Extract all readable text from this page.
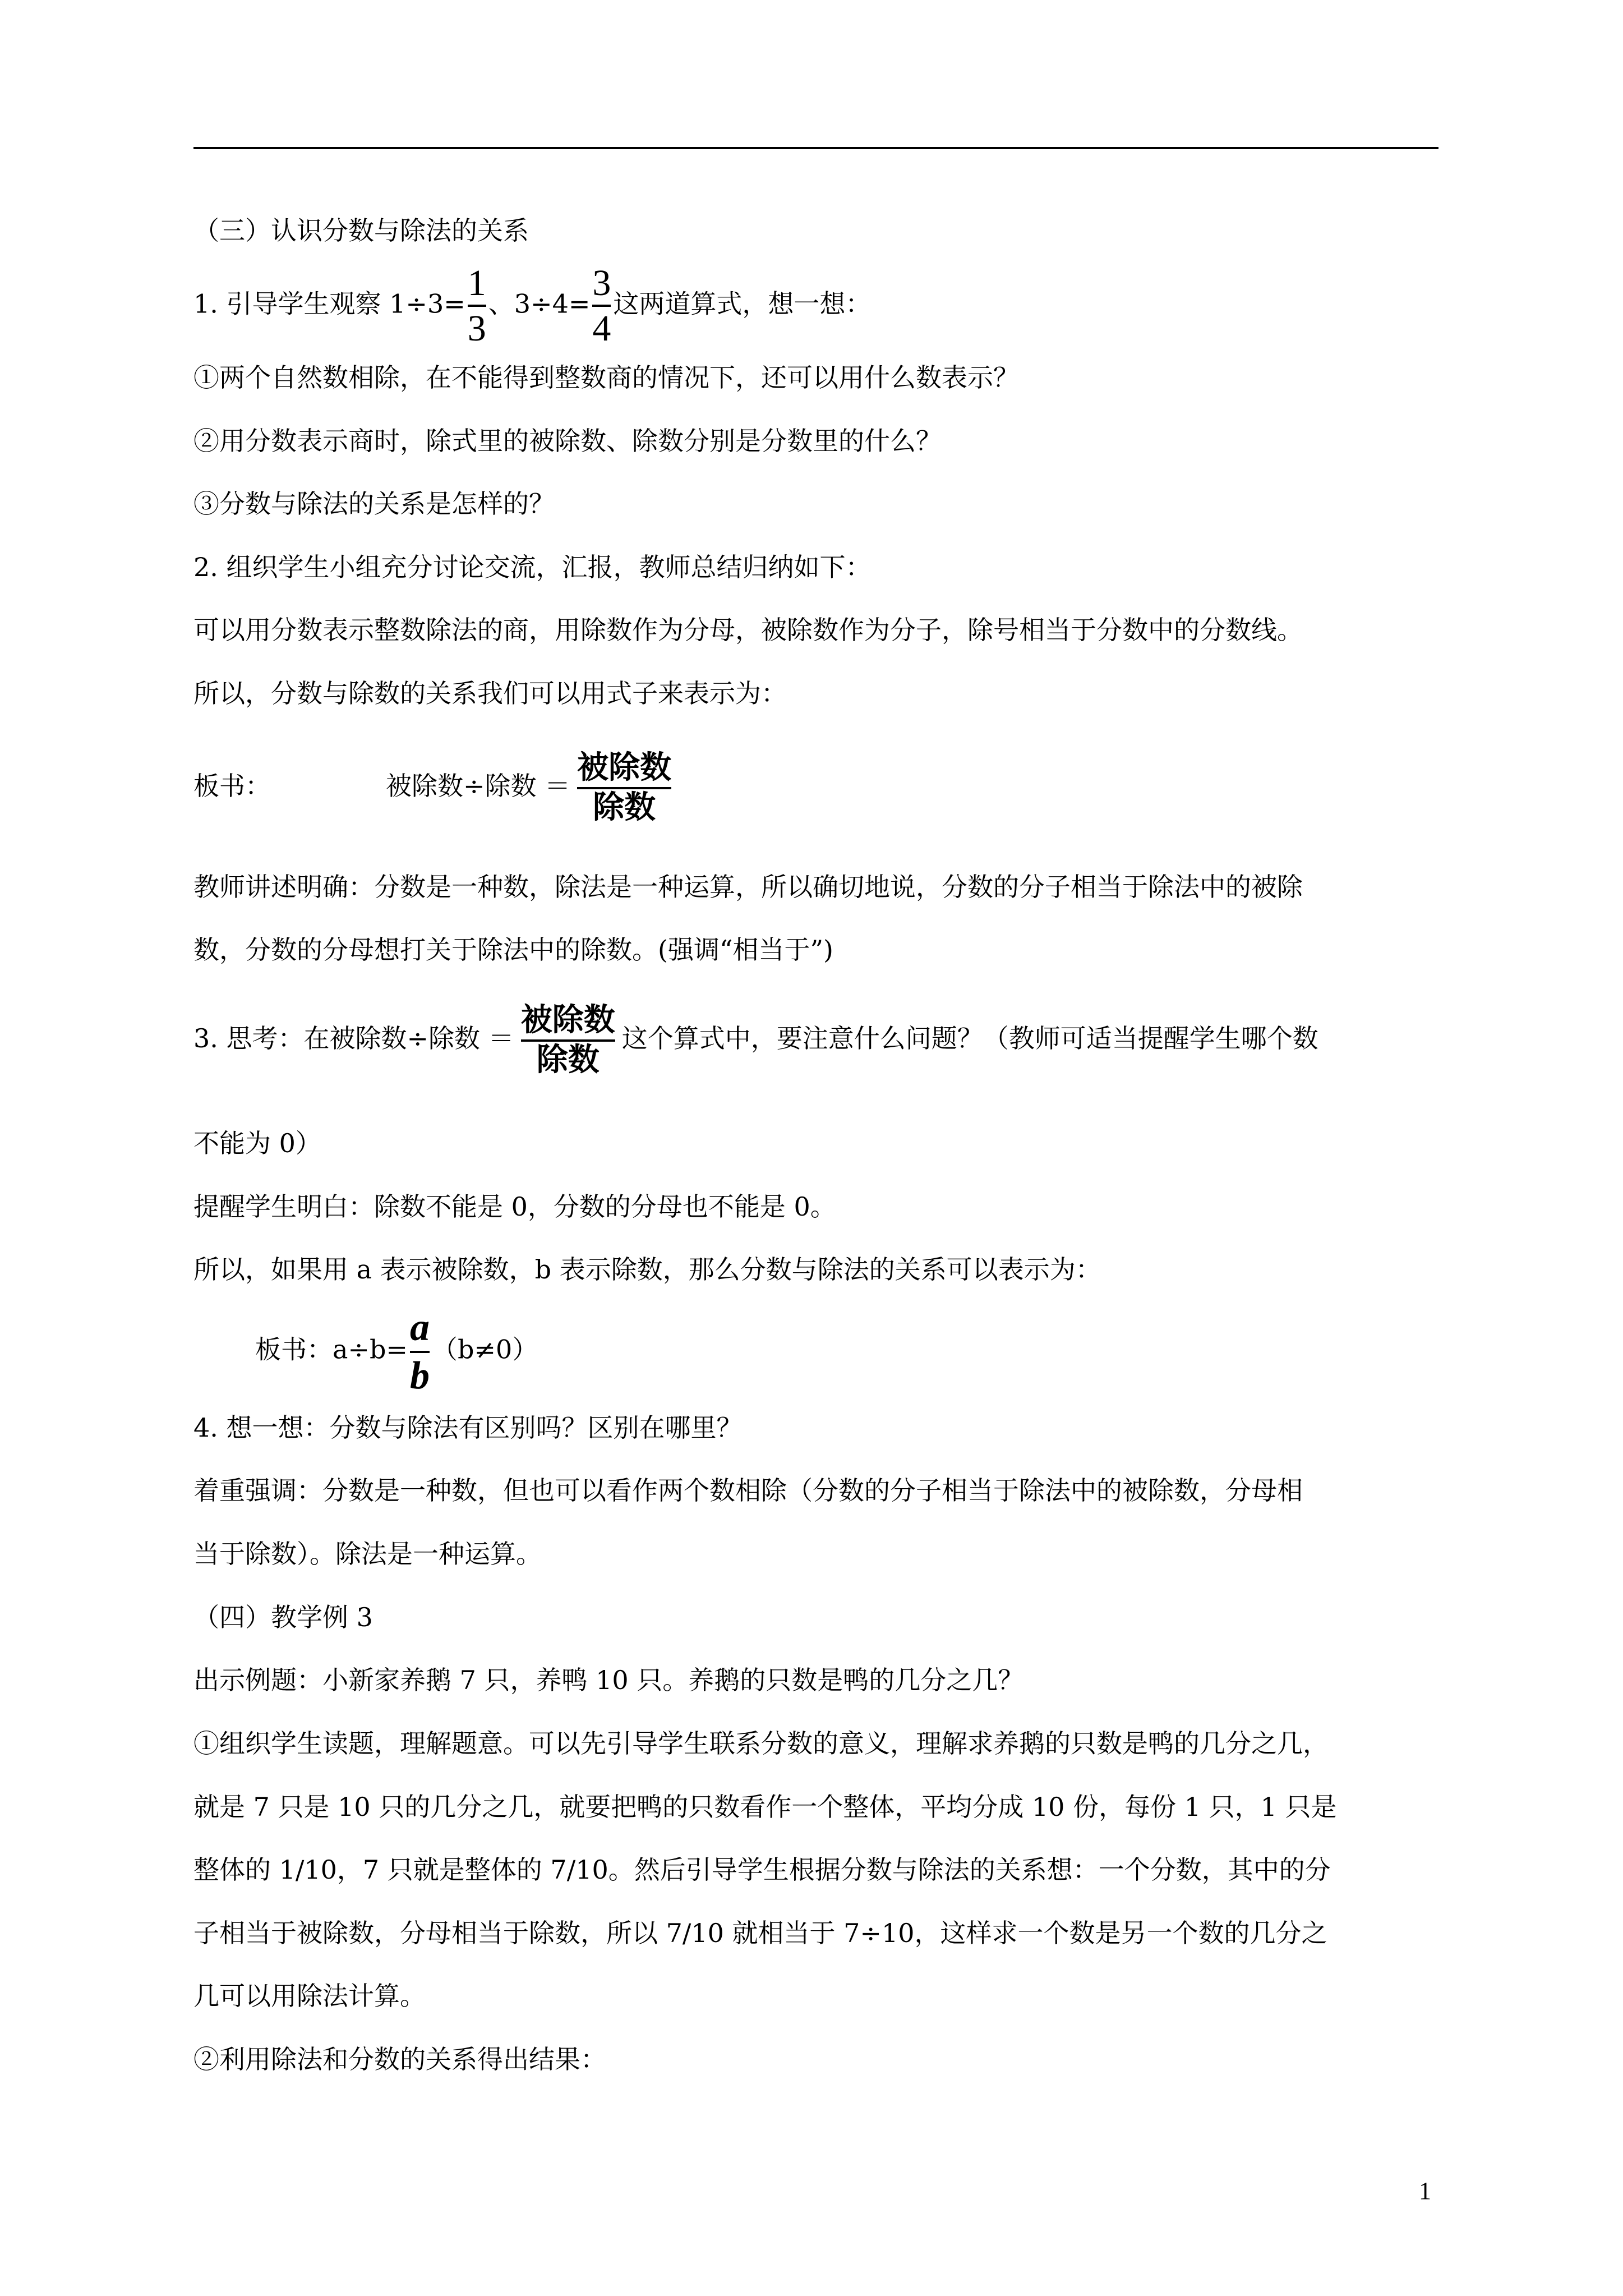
（三）认识分数与除法的关系
1. 引导学生观察 $1\div 3= \frac{1}{3}$ 、$3\div 4= \frac{3}{4}$ 这两道算式，想一想：
①两个自然数相除，在不能得到整数商的情况下，还可以用什么数表示？
②用分数表示商时，除式里的被除数、除数分别是分数里的什么？
③分数与除法的关系是怎样的？
2. 组织学生小组充分讨论交流，汇报，教师总结归纳如下：
可以用分数表示整数除法的商，用除数作为分母，被除数作为分子，除号相当于分数中的分数线。
所以，分数与除数的关系我们可以用式子来表示为：
板书：	被除数÷除数 ＝ $\frac{\text{被除数}}{\text{除数}}$
教师讲述明确：分数是一种数，除法是一种运算，所以确切地说，分数的分子相当于除法中的被除
数，分数的分母想打关于除法中的除数。(强调“相当于”)
3. 思考：在被除数÷除数 ＝ $\frac{\text{被除数}}{\text{除数}}$ 这个算式中，要注意什么问题？（教师可适当提醒学生哪个数
不能为 0）
提醒学生明白：除数不能是 0，分数的分母也不能是 0。
所以，如果用 a 表示被除数，b 表示除数，那么分数与除法的关系可以表示为：
板书：$a\div b= \frac{a}{b} (b\ne 0)$
4. 想一想：分数与除法有区别吗？区别在哪里？
着重强调：分数是一种数，但也可以看作两个数相除（分数的分子相当于除法中的被除数，分母相
当于除数）。除法是一种运算。
（四）教学例 3
出示例题：小新家养鹅 7 只，养鸭 10 只。养鹅的只数是鸭的几分之几？
①组织学生读题，理解题意。可以先引导学生联系分数的意义，理解求养鹅的只数是鸭的几分之几，
就是 7 只是 10 只的几分之几，就要把鸭的只数看作一个整体，平均分成 10 份，每份 1 只，1 只是
整体的 1/10，7 只就是整体的 7/10。然后引导学生根据分数与除法的关系想：一个分数，其中的分
子相当于被除数，分母相当于除数，所以 7/10 就相当于 7÷10，这样求一个数是另一个数的几分之
几可以用除法计算。
②利用除法和分数的关系得出结果：
1
